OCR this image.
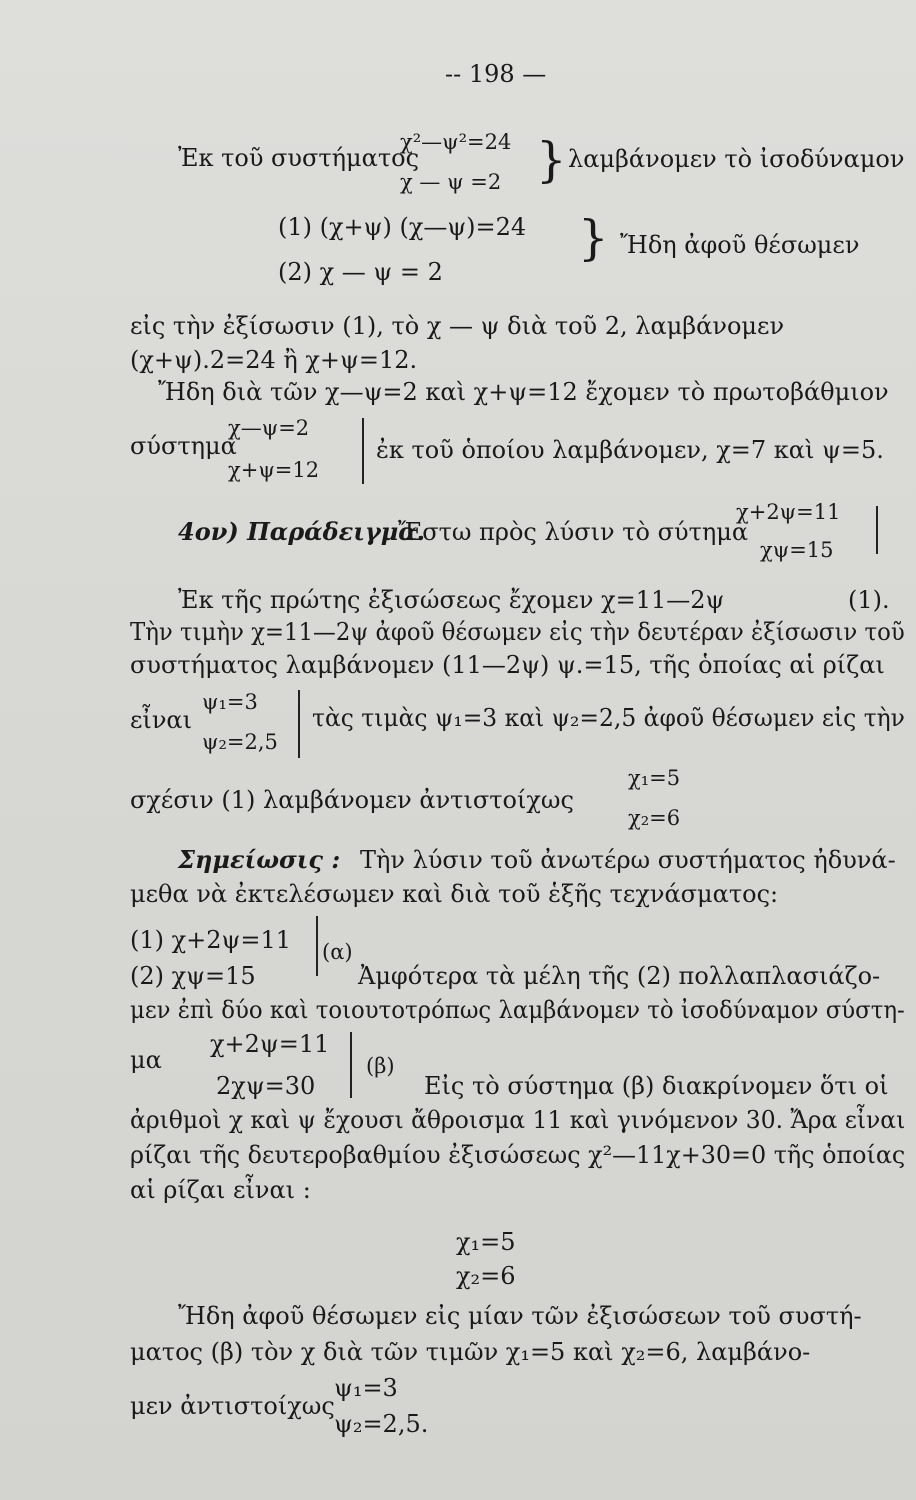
-- 198 —
Ἐκ τοῦ συστήματος
χ²—ψ²=24
χ — ψ =2 } λαμβάνομεν τὸ ἰσοδύναμον
(1) (χ+ψ) (χ—ψ)=24
(2) χ — ψ = 2
} Ἤδη ἀφοῦ θέσωμεν
εἰς τὴν ἐξίσωσιν (1), τὸ χ — ψ διὰ τοῦ 2, λαμβάνομεν
(χ+ψ).2=24 ἢ χ+ψ=12.
Ἤδη διὰ τῶν χ—ψ=2 καὶ χ+ψ=12 ἔχομεν τὸ πρωτοβάθμιον
σύστημα
χ—ψ=2
χ+ψ=12
ἐκ τοῦ ὁποίου λαμβάνομεν, χ=7 καὶ ψ=5.
4ον) Παράδειγμα.
Ἔστω πρὸς λύσιν τὸ σύτημα
χ+2ψ=11
χψ=15
Ἐκ τῆς πρώτης ἐξισώσεως ἔχομεν χ=11—2ψ	(1).
Τὴν τιμὴν χ=11—2ψ ἀφοῦ θέσωμεν εἰς τὴν δευτέραν ἐξίσωσιν τοῦ
συστήματος λαμβάνομεν (11—2ψ) ψ.=15, τῆς ὁποίας αἱ ρίζαι
εἶναι
ψ₁=3
ψ₂=2,5
τὰς τιμὰς ψ₁=3 καὶ ψ₂=2,5 ἀφοῦ θέσωμεν εἰς τὴν
σχέσιν (1) λαμβάνομεν ἀντιστοίχως
χ₁=5
χ₂=6
Σημείωσις : Τὴν λύσιν τοῦ ἀνωτέρω συστήματος ἠδυνά-
μεθα νὰ ἐκτελέσωμεν καὶ διὰ τοῦ ἑξῆς τεχνάσματος:
(1) χ+2ψ=11
(2) χψ=15
(α)
Ἀμφότερα τὰ μέλη τῆς (2) πολλαπλασιάζο-
μεν ἐπὶ δύο καὶ τοιουτοτρόπως λαμβάνομεν τὸ ἰσοδύναμον σύστη-
μα
χ+2ψ=11
2χψ=30
(β)
Εἰς τὸ σύστημα (β) διακρίνομεν ὅτι οἱ
ἀριθμοὶ χ καὶ ψ ἔχουσι ἄθροισμα 11 καὶ γινόμενον 30. Ἄρα εἶναι
ρίζαι τῆς δευτεροβαθμίου ἐξισώσεως χ²—11χ+30=0 τῆς ὁποίας
αἱ ρίζαι εἶναι :
χ₁=5
χ₂=6
Ἤδη ἀφοῦ θέσωμεν εἰς μίαν τῶν ἐξισώσεων τοῦ συστή-
ματος (β) τὸν χ διὰ τῶν τιμῶν χ₁=5 καὶ χ₂=6, λαμβάνο-
μεν ἀντιστοίχως
ψ₁=3
ψ₂=2,5.
